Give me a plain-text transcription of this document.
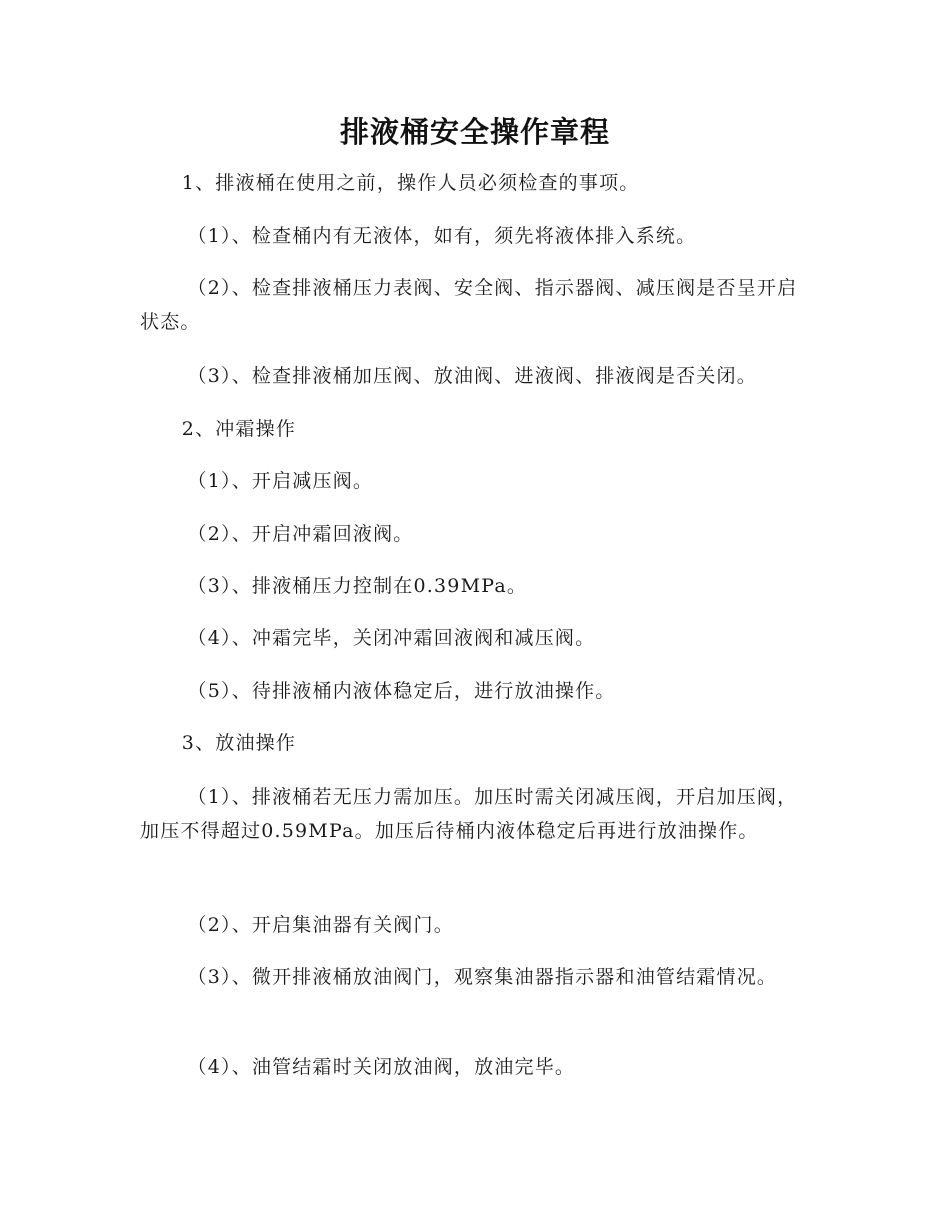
排液桶安全操作章程
1、排液桶在使用之前，操作人员必须检查的事项。
（1）、检查桶内有无液体，如有，须先将液体排入系统。
（2）、检查排液桶压力表阀、安全阀、指示器阀、减压阀是否呈开启状态。
（3）、检查排液桶加压阀、放油阀、进液阀、排液阀是否关闭。
2、冲霜操作
（1）、开启减压阀。
（2）、开启冲霜回液阀。
（3）、排液桶压力控制在0.39MPa。
（4）、冲霜完毕，关闭冲霜回液阀和减压阀。
（5）、待排液桶内液体稳定后，进行放油操作。
3、放油操作
（1）、排液桶若无压力需加压。加压时需关闭减压阀，开启加压阀，加压不得超过0.59MPa。加压后待桶内液体稳定后再进行放油操作。
（2）、开启集油器有关阀门。
（3）、微开排液桶放油阀门，观察集油器指示器和油管结霜情况。
（4）、油管结霜时关闭放油阀，放油完毕。
